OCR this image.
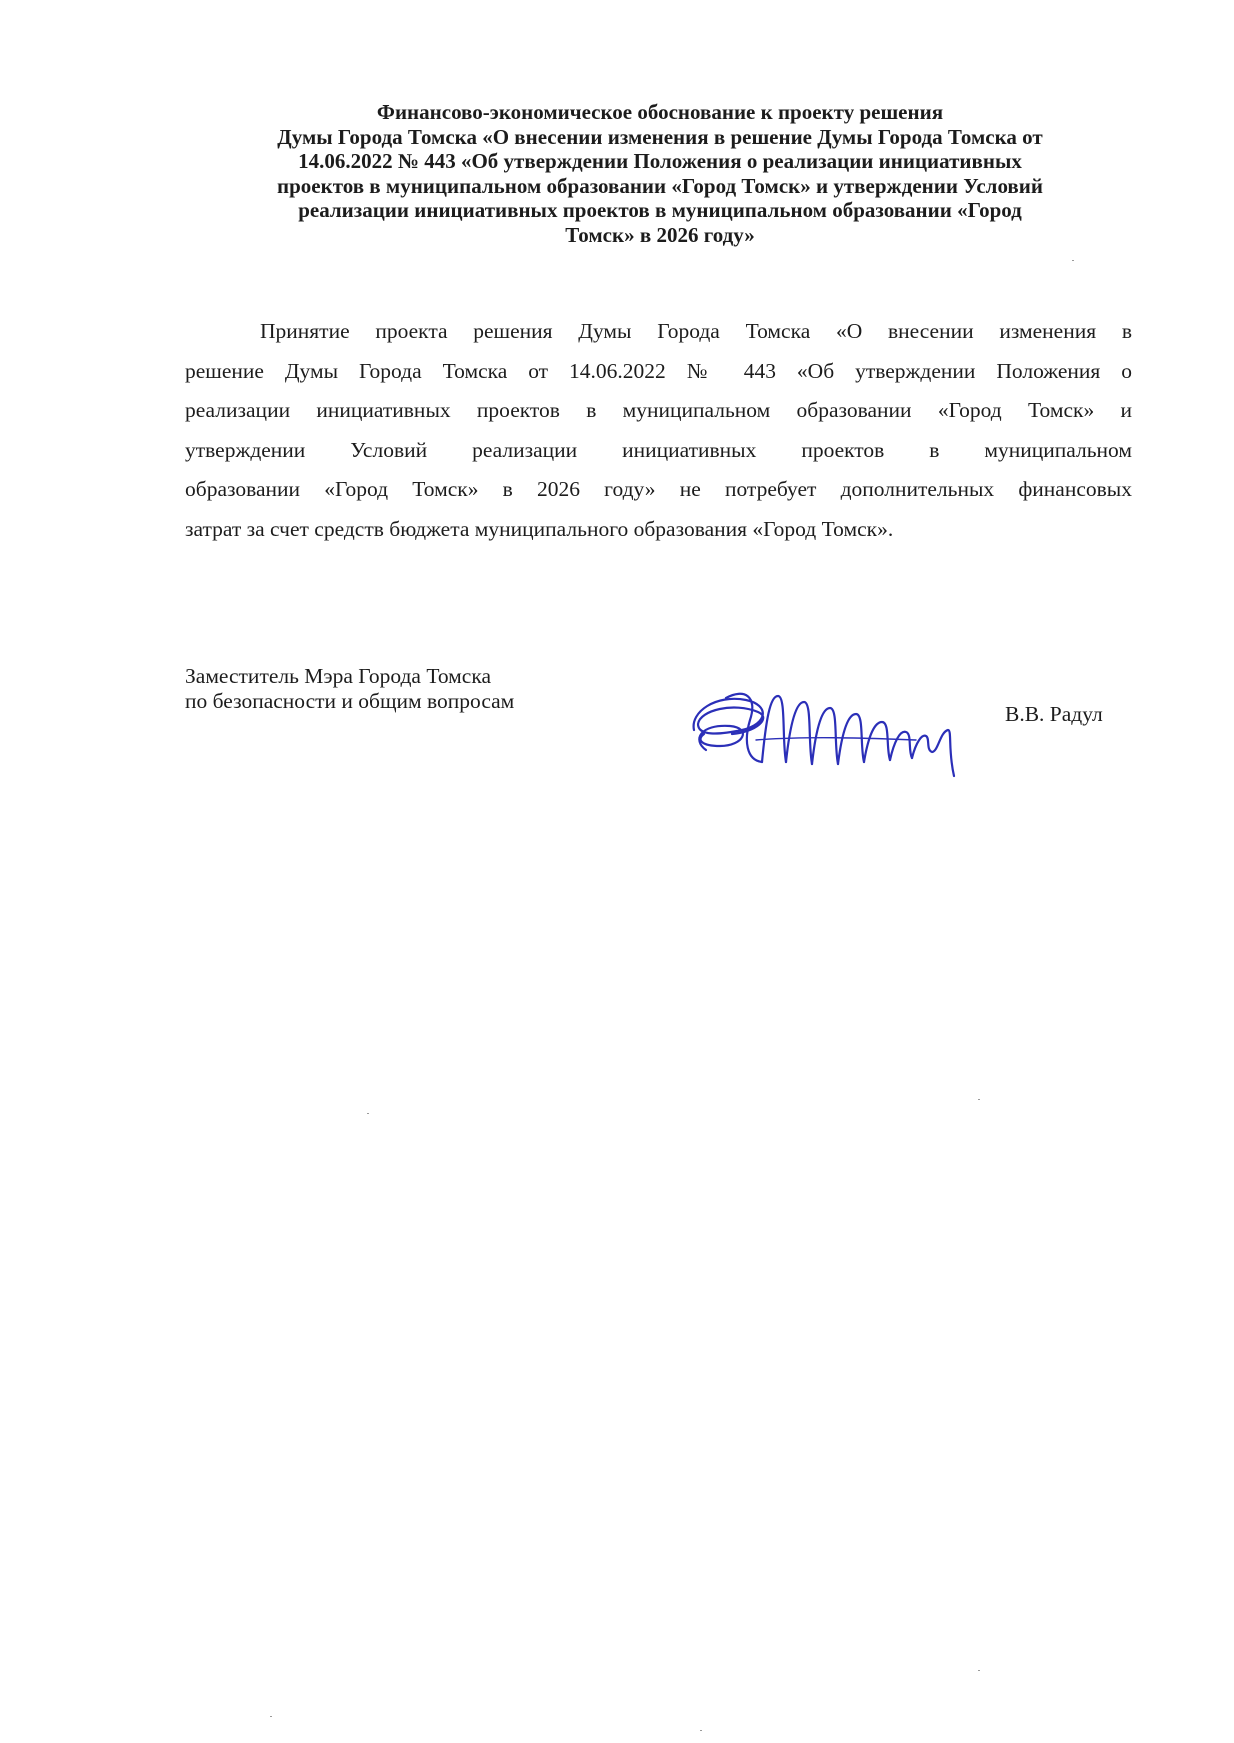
Финансово-экономическое обоснование к проекту решения
Думы Города Томска «О внесении изменения в решение Думы Города Томска от
14.06.2022 № 443 «Об утверждении Положения о реализации инициативных
проектов в муниципальном образовании «Город Томск» и утверждении Условий
реализации инициативных проектов в муниципальном образовании «Город
Томск» в 2026 году»
Принятие проекта решения Думы Города Томска «О внесении изменения в
решение Думы Города Томска от 14.06.2022 № 443 «Об утверждении Положения о
реализации инициативных проектов в муниципальном образовании «Город Томск» и
утверждении Условий реализации инициативных проектов в муниципальном
образовании «Город Томск» в 2026 году» не потребует дополнительных финансовых
затрат за счет средств бюджета муниципального образования «Город Томск».
Заместитель Мэра Города Томска
по безопасности и общим вопросам
В.В. Радул
